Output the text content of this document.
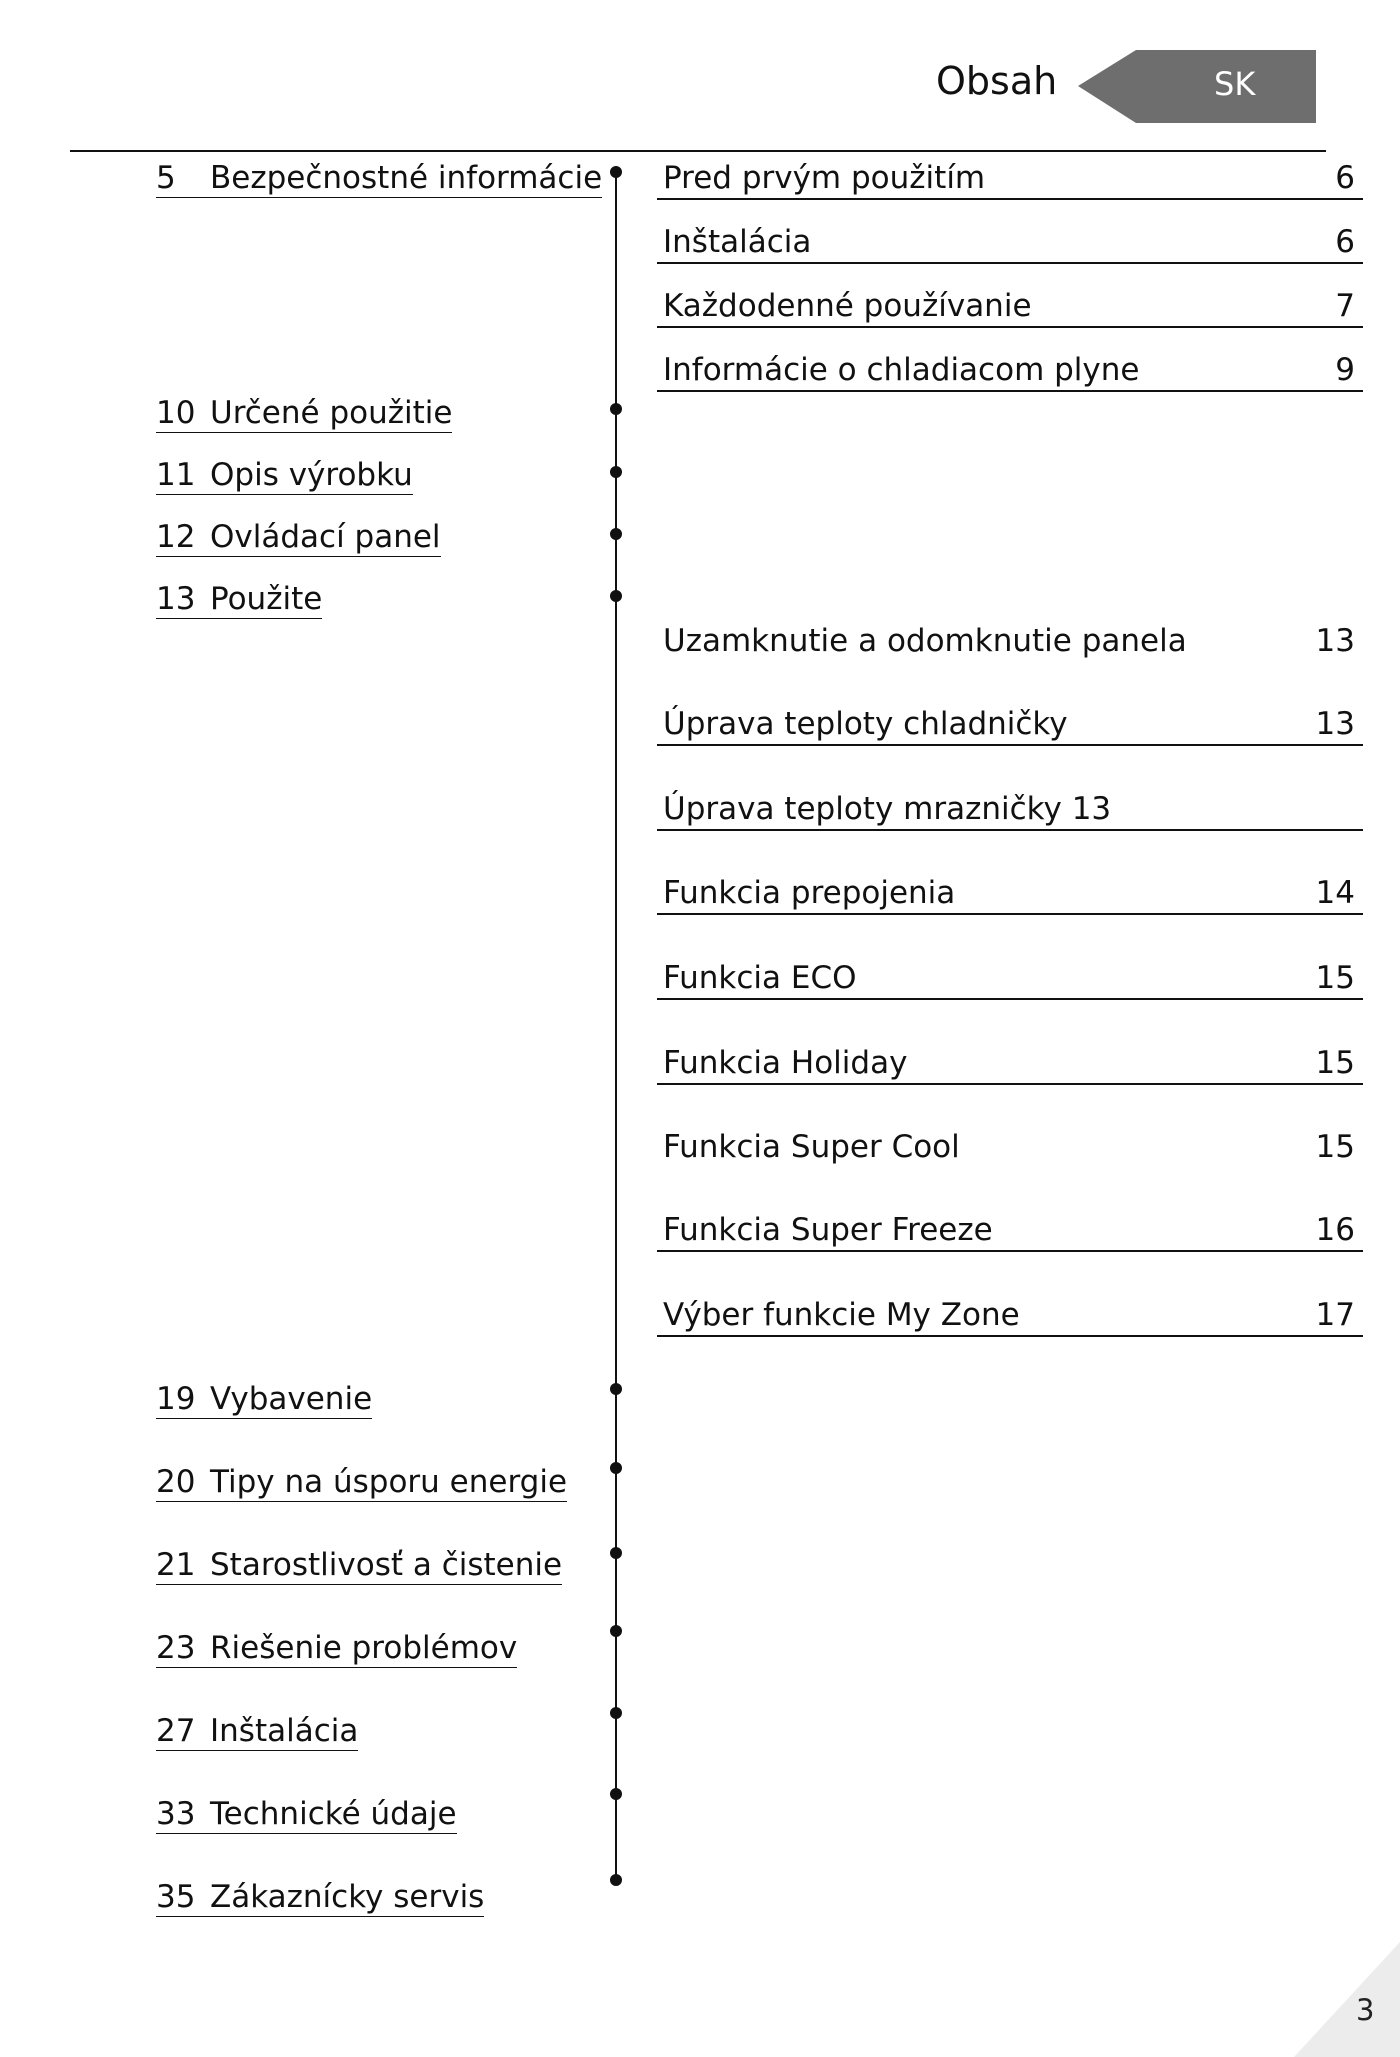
Obsah	SK
5 Bezpečnostné informácie
10 Určené použitie
11 Opis výrobku
12 Ovládací panel
13 Použite
19 Vybavenie
20 Tipy na úsporu energie
21 Starostlivosť a čistenie
23 Riešenie problémov
27 Inštalácia
33 Technické údaje
35 Zákaznícky servis
Pred prvým použitím	6
Inštalácia	6
Každodenné používanie	7
Informácie o chladiacom plyne	9
Uzamknutie a odomknutie panela	13
Úprava teploty chladničky	13
Úprava teploty mrazničky 13
Funkcia prepojenia	14
Funkcia ECO	15
Funkcia Holiday	15
Funkcia Super Cool	15
Funkcia Super Freeze	16
Výber funkcie My Zone	17
3
